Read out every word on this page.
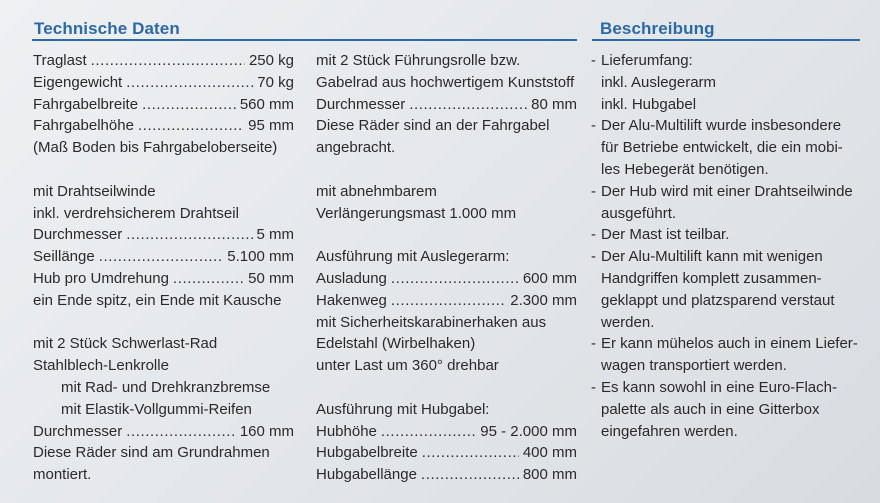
Technische Daten	Beschreibung
Traglast .....	250 kg
Eigengewicht .....	70 kg
Fahrgabelbreite .....	560 mm
Fahrgabelhöhe .....	95 mm
(Maß Boden bis Fahrgabeloberseite)
mit Drahtseilwinde
inkl. verdrehsicherem Drahtseil
Durchmesser .....	5 mm
Seillänge .....	5.100 mm
Hub pro Umdrehung .....	50 mm
ein Ende spitz, ein Ende mit Kausche
mit 2 Stück Schwerlast-Rad
Stahlblech-Lenkrolle
mit Rad- und Drehkranzbremse
mit Elastik-Vollgummi-Reifen
Durchmesser .....	160 mm
Diese Räder sind am Grundrahmen
montiert.
mit 2 Stück Führungsrolle bzw.
Gabelrad aus hochwertigem Kunststoff
Durchmesser .....	80 mm
Diese Räder sind an der Fahrgabel
angebracht.
mit abnehmbarem
Verlängerungsmast 1.000 mm
Ausführung mit Auslegerarm:
Ausladung .....	600 mm
Hakenweg .....	2.300 mm
mit Sicherheitskarabinerhaken aus
Edelstahl (Wirbelhaken)
unter Last um 360° drehbar
Ausführung mit Hubgabel:
Hubhöhe .....	95 - 2.000 mm
Hubgabelbreite .....	400 mm
Hubgabellänge .....	800 mm
- Lieferumfang:
inkl. Auslegerarm
inkl. Hubgabel
- Der Alu-Multilift wurde insbesondere
für Betriebe entwickelt, die ein mobi-
les Hebegerät benötigen.
- Der Hub wird mit einer Drahtseilwinde
ausgeführt.
- Der Mast ist teilbar.
- Der Alu-Multilift kann mit wenigen
Handgriffen komplett zusammen-
geklappt und platzsparend verstaut
werden.
- Er kann mühelos auch in einem Liefer-
wagen transportiert werden.
- Es kann sowohl in eine Euro-Flach-
palette als auch in eine Gitterbox
eingefahren werden.
